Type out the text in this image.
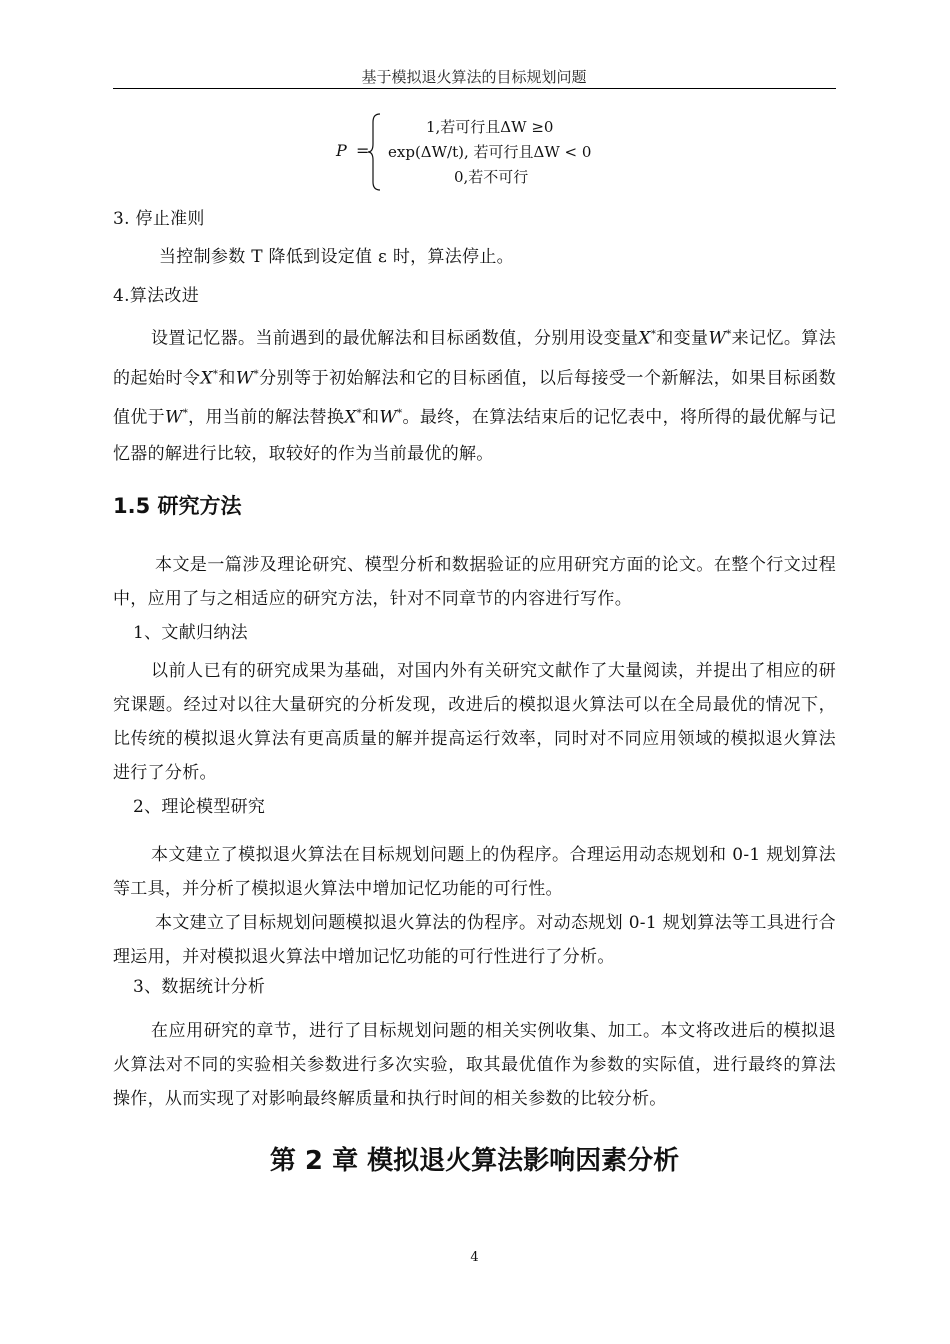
基于模拟退火算法的目标规划问题
P =
1,若可行且ΔW ≥0
exp(ΔW/t), 若可行且ΔW < 0
0,若不可行

3. 停止准则

当控制参数 T 降低到设定值 ε 时，算法停止。

4.算法改进

设置记忆器。当前遇到的最优解法和目标函数值，分别用设变量X*和变量W*来记忆。算法的起始时令X*和W*分别等于初始解法和它的目标函值，以后每接受一个新解法，如果目标函数值优于W*，用当前的解法替换X*和W*。最终，在算法结束后的记忆表中，将所得的最优解与记忆器的解进行比较，取较好的作为当前最优的解。

1.5 研究方法

本文是一篇涉及理论研究、模型分析和数据验证的应用研究方面的论文。在整个行文过程中，应用了与之相适应的研究方法，针对不同章节的内容进行写作。

1、文献归纳法

以前人已有的研究成果为基础，对国内外有关研究文献作了大量阅读，并提出了相应的研究课题。经过对以往大量研究的分析发现，改进后的模拟退火算法可以在全局最优的情况下，比传统的模拟退火算法有更高质量的解并提高运行效率，同时对不同应用领域的模拟退火算法进行了分析。

2、理论模型研究

本文建立了模拟退火算法在目标规划问题上的伪程序。合理运用动态规划和 0-1 规划算法等工具，并分析了模拟退火算法中增加记忆功能的可行性。

本文建立了目标规划问题模拟退火算法的伪程序。对动态规划 0-1 规划算法等工具进行合理运用，并对模拟退火算法中增加记忆功能的可行性进行了分析。

3、数据统计分析

在应用研究的章节，进行了目标规划问题的相关实例收集、加工。本文将改进后的模拟退火算法对不同的实验相关参数进行多次实验，取其最优值作为参数的实际值，进行最终的算法操作，从而实现了对影响最终解质量和执行时间的相关参数的比较分析。

第 2 章 模拟退火算法影响因素分析
4
